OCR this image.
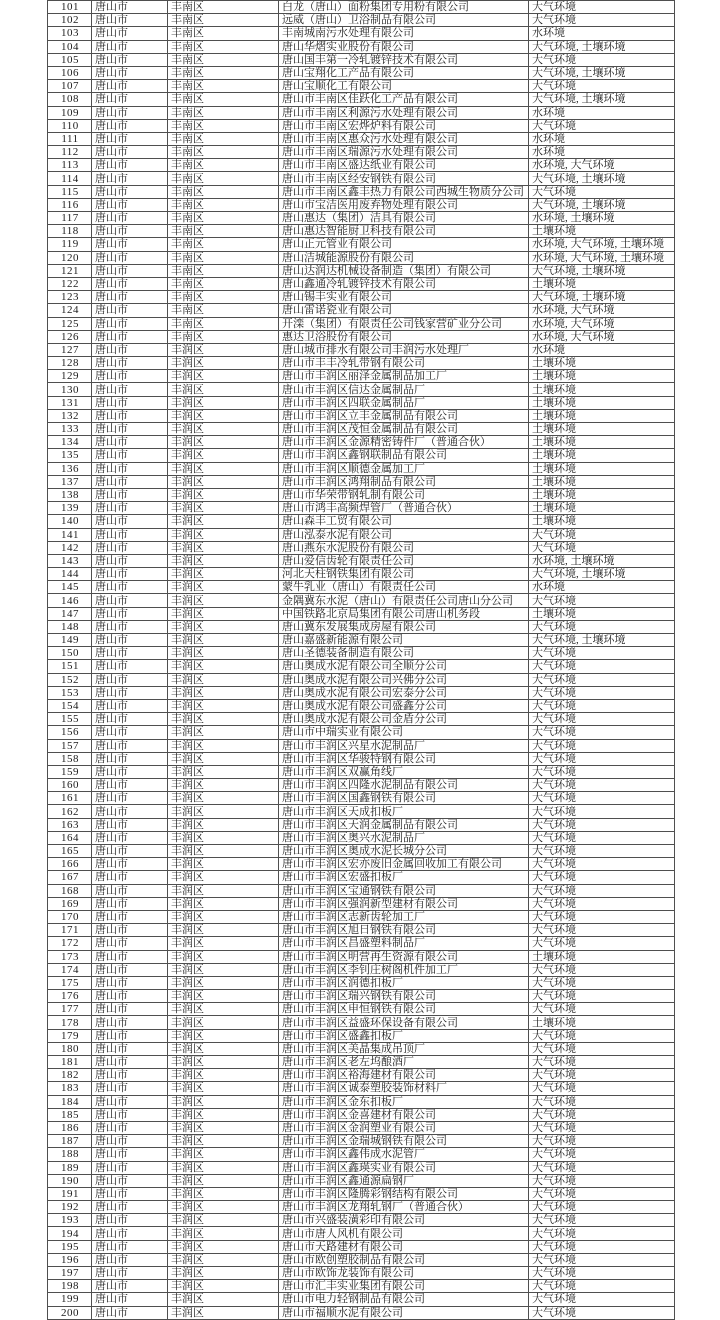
101	唐山市	丰南区	白龙（唐山）面粉集团专用粉有限公司	大气环境
102	唐山市	丰南区	远威（唐山）卫浴制品有限公司	大气环境
103	唐山市	丰南区	丰南城南污水处理有限公司	水环境
104	唐山市	丰南区	唐山华熠实业股份有限公司	大气环境, 土壤环境
105	唐山市	丰南区	唐山国丰第一冷轧镀锌技术有限公司	大气环境
106	唐山市	丰南区	唐山宝翔化工产品有限公司	大气环境, 土壤环境
107	唐山市	丰南区	唐山宝顺化工有限公司	大气环境
108	唐山市	丰南区	唐山市丰南区佳跃化工产品有限公司	大气环境, 土壤环境
109	唐山市	丰南区	唐山市丰南区利源污水处理有限公司	水环境
110	唐山市	丰南区	唐山市丰南区宏烨炉料有限公司	大气环境
111	唐山市	丰南区	唐山市丰南区惠众污水处理有限公司	水环境
112	唐山市	丰南区	唐山市丰南区瑞源污水处理有限公司	水环境
113	唐山市	丰南区	唐山市丰南区盛达纸业有限公司	水环境, 大气环境
114	唐山市	丰南区	唐山市丰南区经安钢铁有限公司	大气环境, 土壤环境
115	唐山市	丰南区	唐山市丰南区鑫丰热力有限公司西城生物质分公司	大气环境
116	唐山市	丰南区	唐山市宝洁医用废弃物处理有限公司	大气环境, 土壤环境
117	唐山市	丰南区	唐山惠达（集团）洁具有限公司	水环境, 土壤环境
118	唐山市	丰南区	唐山惠达智能厨卫科技有限公司	土壤环境
119	唐山市	丰南区	唐山正元管业有限公司	水环境, 大气环境, 土壤环境
120	唐山市	丰南区	唐山洁城能源股份有限公司	水环境, 大气环境, 土壤环境
121	唐山市	丰南区	唐山达润达机械设备制造（集团）有限公司	大气环境, 土壤环境
122	唐山市	丰南区	唐山鑫通冷轧镀锌技术有限公司	土壤环境
123	唐山市	丰南区	唐山锡丰实业有限公司	大气环境, 土壤环境
124	唐山市	丰南区	唐山雷诺瓷业有限公司	水环境, 大气环境
125	唐山市	丰南区	开滦（集团）有限责任公司钱家营矿业分公司	水环境, 大气环境
126	唐山市	丰南区	惠达卫浴股份有限公司	水环境, 大气环境
127	唐山市	丰润区	唐山城市排水有限公司丰润污水处理厂	水环境
128	唐山市	丰润区	唐山市丰丰冷轧带钢有限公司	土壤环境
129	唐山市	丰润区	唐山市丰润区丽泽金属制品加工厂	土壤环境
130	唐山市	丰润区	唐山市丰润区信达金属制品厂	土壤环境
131	唐山市	丰润区	唐山市丰润区四联金属制品厂	土壤环境
132	唐山市	丰润区	唐山市丰润区立丰金属制品有限公司	土壤环境
133	唐山市	丰润区	唐山市丰润区茂恒金属制品有限公司	土壤环境
134	唐山市	丰润区	唐山市丰润区金源精密铸件厂（普通合伙）	土壤环境
135	唐山市	丰润区	唐山市丰润区鑫钢联制品有限公司	土壤环境
136	唐山市	丰润区	唐山市丰润区顺德金属加工厂	土壤环境
137	唐山市	丰润区	唐山市丰润区鸿翔制品有限公司	土壤环境
138	唐山市	丰润区	唐山市华荣带钢轧制有限公司	土壤环境
139	唐山市	丰润区	唐山市鸿丰高频焊管厂（普通合伙）	土壤环境
140	唐山市	丰润区	唐山森丰工贸有限公司	土壤环境
141	唐山市	丰润区	唐山泓泰水泥有限公司	大气环境
142	唐山市	丰润区	唐山燕东水泥股份有限公司	大气环境
143	唐山市	丰润区	唐山爱信齿轮有限责任公司	水环境, 土壤环境
144	唐山市	丰润区	河北天柱钢铁集团有限公司	大气环境, 土壤环境
145	唐山市	丰润区	蒙牛乳业（唐山）有限责任公司	水环境
146	唐山市	丰润区	金隅冀东水泥（唐山）有限责任公司唐山分公司	大气环境
147	唐山市	丰润区	中国铁路北京局集团有限公司唐山机务段	土壤环境
148	唐山市	丰润区	唐山冀东发展集成房屋有限公司	大气环境
149	唐山市	丰润区	唐山嘉盛新能源有限公司	大气环境, 土壤环境
150	唐山市	丰润区	唐山圣德装备制造有限公司	大气环境
151	唐山市	丰润区	唐山奥成水泥有限公司全顺分公司	大气环境
152	唐山市	丰润区	唐山奥成水泥有限公司兴佛分公司	大气环境
153	唐山市	丰润区	唐山奥成水泥有限公司宏泰分公司	大气环境
154	唐山市	丰润区	唐山奥成水泥有限公司盛鑫分公司	大气环境
155	唐山市	丰润区	唐山奥成水泥有限公司金盾分公司	大气环境
156	唐山市	丰润区	唐山市中瑞实业有限公司	大气环境
157	唐山市	丰润区	唐山市丰润区兴星水泥制品厂	大气环境
158	唐山市	丰润区	唐山市丰润区华骏特钢有限公司	大气环境
159	唐山市	丰润区	唐山市丰润区双赢角线厂	大气环境
160	唐山市	丰润区	唐山市丰润区四隆水泥制品有限公司	大气环境
161	唐山市	丰润区	唐山市丰润区国鑫钢铁有限公司	大气环境
162	唐山市	丰润区	唐山市丰润区天成扣板厂	大气环境
163	唐山市	丰润区	唐山市丰润区天润金属制品有限公司	大气环境
164	唐山市	丰润区	唐山市丰润区奥兴水泥制品厂	大气环境
165	唐山市	丰润区	唐山市丰润区奥成水泥长城分公司	大气环境
166	唐山市	丰润区	唐山市丰润区宏亦废旧金属回收加工有限公司	大气环境
167	唐山市	丰润区	唐山市丰润区宏盛扣板厂	大气环境
168	唐山市	丰润区	唐山市丰润区宝通钢铁有限公司	大气环境
169	唐山市	丰润区	唐山市丰润区强润新型建材有限公司	大气环境
170	唐山市	丰润区	唐山市丰润区志新齿轮加工厂	大气环境
171	唐山市	丰润区	唐山市丰润区旭日钢铁有限公司	大气环境
172	唐山市	丰润区	唐山市丰润区昌盛塑料制品厂	大气环境
173	唐山市	丰润区	唐山市丰润区明营再生资源有限公司	土壤环境
174	唐山市	丰润区	唐山市丰润区李钊庄树阁机件加工厂	大气环境
175	唐山市	丰润区	唐山市丰润区润德扣板厂	大气环境
176	唐山市	丰润区	唐山市丰润区瑞兴钢铁有限公司	大气环境
177	唐山市	丰润区	唐山市丰润区申恒钢铁有限公司	大气环境
178	唐山市	丰润区	唐山市丰润区益盛环保设备有限公司	土壤环境
179	唐山市	丰润区	唐山市丰润区盛鑫扣板厂	大气环境
180	唐山市	丰润区	唐山市丰润区美晶集成吊顶厂	大气环境
181	唐山市	丰润区	唐山市丰润区老左坞酿酒厂	大气环境
182	唐山市	丰润区	唐山市丰润区裕海建材有限公司	大气环境
183	唐山市	丰润区	唐山市丰润区诚泰塑胶装饰材料厂	大气环境
184	唐山市	丰润区	唐山市丰润区金东扣板厂	大气环境
185	唐山市	丰润区	唐山市丰润区金喜建材有限公司	大气环境
186	唐山市	丰润区	唐山市丰润区金润塑业有限公司	大气环境
187	唐山市	丰润区	唐山市丰润区金瑞城钢铁有限公司	大气环境
188	唐山市	丰润区	唐山市丰润区鑫伟成水泥管厂	大气环境
189	唐山市	丰润区	唐山市丰润区鑫瑛实业有限公司	大气环境
190	唐山市	丰润区	唐山市丰润区鑫通源扁钢厂	大气环境
191	唐山市	丰润区	唐山市丰润区隆腾彩钢结构有限公司	大气环境
192	唐山市	丰润区	唐山市丰润区龙翔轧钢厂（普通合伙）	大气环境
193	唐山市	丰润区	唐山市兴盛装潢彩印有限公司	大气环境
194	唐山市	丰润区	唐山市唐人风机有限公司	大气环境
195	唐山市	丰润区	唐山市天路建材有限公司	大气环境
196	唐山市	丰润区	唐山市欧创塑胶制品有限公司	大气环境
197	唐山市	丰润区	唐山市欧饰龙装饰有限公司	大气环境
198	唐山市	丰润区	唐山市汇丰实业集团有限公司	大气环境
199	唐山市	丰润区	唐山市电力轻钢制品有限公司	大气环境
200	唐山市	丰润区	唐山市福顺水泥有限公司	大气环境
